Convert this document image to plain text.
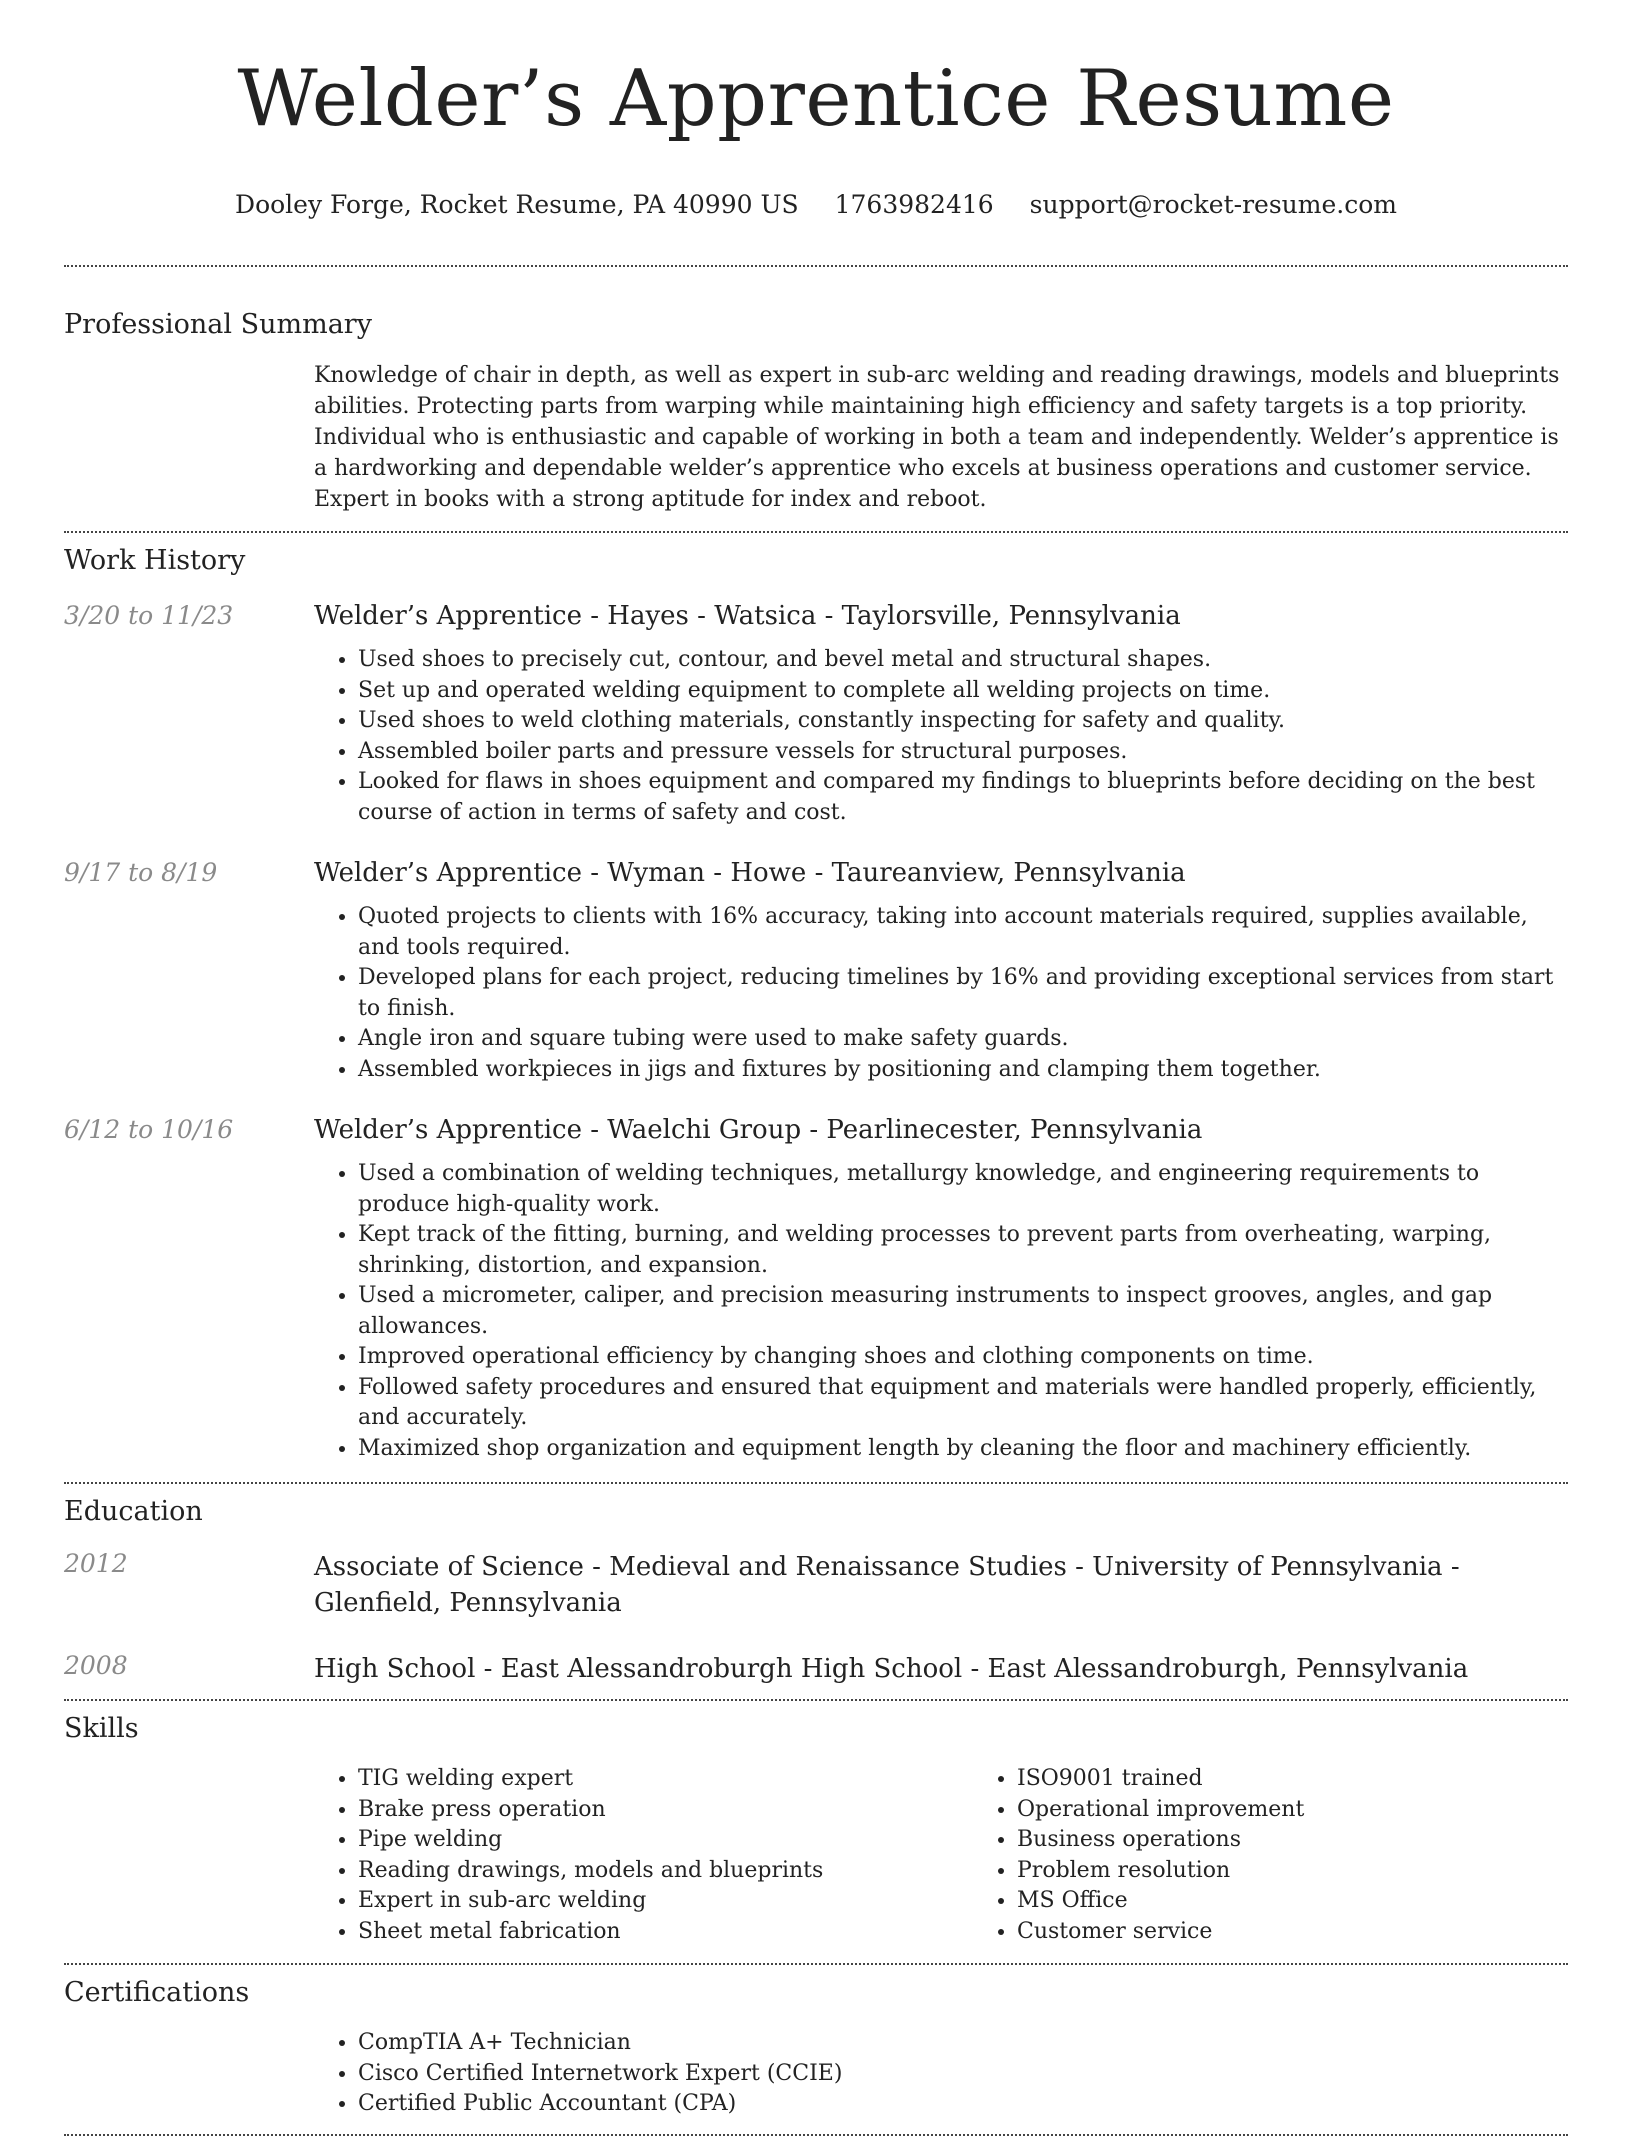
Welder’s Apprentice Resume
Dooley Forge, Rocket Resume, PA 40990 US 1763982416 support@rocket-resume.com
Professional Summary
Knowledge of chair in depth, as well as expert in sub-arc welding and reading drawings, models and blueprints abilities. Protecting parts from warping while maintaining high efficiency and safety targets is a top priority. Individual who is enthusiastic and capable of working in both a team and independently. Welder’s apprentice is a hardworking and dependable welder’s apprentice who excels at business operations and customer service. Expert in books with a strong aptitude for index and reboot.
Work History
3/20 to 11/23	Welder’s Apprentice - Hayes - Watsica - Taylorsville, Pennsylvania
• Used shoes to precisely cut, contour, and bevel metal and structural shapes.
• Set up and operated welding equipment to complete all welding projects on time.
• Used shoes to weld clothing materials, constantly inspecting for safety and quality.
• Assembled boiler parts and pressure vessels for structural purposes.
• Looked for flaws in shoes equipment and compared my findings to blueprints before deciding on the best course of action in terms of safety and cost.
9/17 to 8/19	Welder’s Apprentice - Wyman - Howe - Taureanview, Pennsylvania
• Quoted projects to clients with 16% accuracy, taking into account materials required, supplies available, and tools required.
• Developed plans for each project, reducing timelines by 16% and providing exceptional services from start to finish.
• Angle iron and square tubing were used to make safety guards.
• Assembled workpieces in jigs and fixtures by positioning and clamping them together.
6/12 to 10/16	Welder’s Apprentice - Waelchi Group - Pearlinecester, Pennsylvania
• Used a combination of welding techniques, metallurgy knowledge, and engineering requirements to produce high-quality work.
• Kept track of the fitting, burning, and welding processes to prevent parts from overheating, warping, shrinking, distortion, and expansion.
• Used a micrometer, caliper, and precision measuring instruments to inspect grooves, angles, and gap allowances.
• Improved operational efficiency by changing shoes and clothing components on time.
• Followed safety procedures and ensured that equipment and materials were handled properly, efficiently, and accurately.
• Maximized shop organization and equipment length by cleaning the floor and machinery efficiently.
Education
2012	Associate of Science - Medieval and Renaissance Studies - University of Pennsylvania - Glenfield, Pennsylvania
2008	High School - East Alessandroburgh High School - East Alessandroburgh, Pennsylvania
Skills
• TIG welding expert
• Brake press operation
• Pipe welding
• Reading drawings, models and blueprints
• Expert in sub-arc welding
• Sheet metal fabrication
• ISO9001 trained
• Operational improvement
• Business operations
• Problem resolution
• MS Office
• Customer service
Certifications
• CompTIA A+ Technician
• Cisco Certified Internetwork Expert (CCIE)
• Certified Public Accountant (CPA)
